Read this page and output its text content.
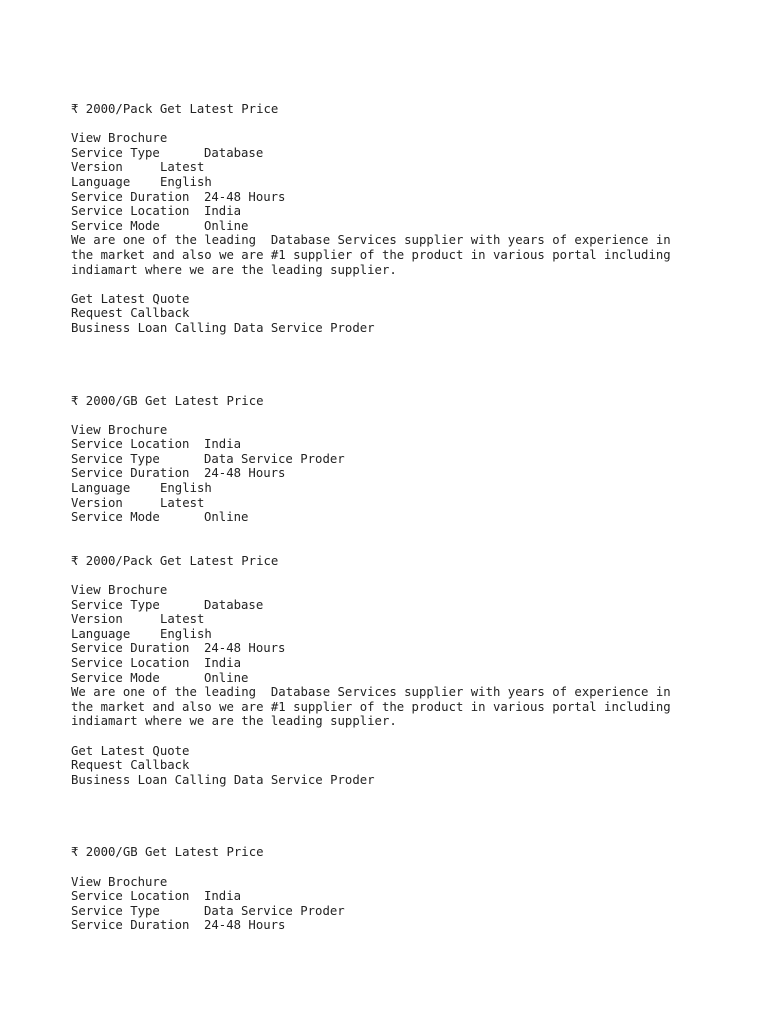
₹ 2000/Pack Get Latest Price
View Brochure
Service Type	Database
Version	Latest
Language	English
Service Duration	24-48 Hours
Service Location	India
Service Mode	Online
We are one of the leading  Database Services supplier with years of experience in
the market and also we are #1 supplier of the product in various portal including
indiamart where we are the leading supplier.
Get Latest Quote
Request Callback
Business Loan Calling Data Service Proder
₹ 2000/GB Get Latest Price
View Brochure
Service Location	India
Service Type	Data Service Proder
Service Duration	24-48 Hours
Language	English
Version	Latest
Service Mode	Online
₹ 2000/Pack Get Latest Price
View Brochure
Service Type	Database
Version	Latest
Language	English
Service Duration	24-48 Hours
Service Location	India
Service Mode	Online
We are one of the leading  Database Services supplier with years of experience in
the market and also we are #1 supplier of the product in various portal including
indiamart where we are the leading supplier.
Get Latest Quote
Request Callback
Business Loan Calling Data Service Proder
₹ 2000/GB Get Latest Price
View Brochure
Service Location	India
Service Type	Data Service Proder
Service Duration	24-48 Hours
